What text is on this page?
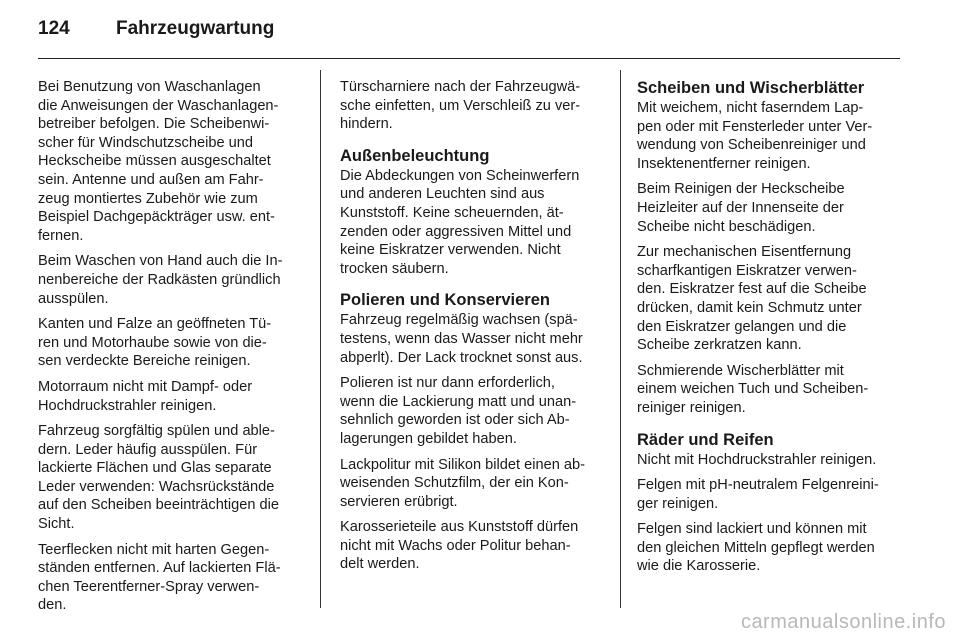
124	Fahrzeugwartung

Bei Benutzung von Waschanlagen
die Anweisungen der Waschanlagen-
betreiber befolgen. Die Scheibenwi-
scher für Windschutzscheibe und
Heckscheibe müssen ausgeschaltet
sein. Antenne und außen am Fahr-
zeug montiertes Zubehör wie zum
Beispiel Dachgepäckträger usw. ent-
fernen.

Beim Waschen von Hand auch die In-
nenbereiche der Radkästen gründlich
ausspülen.

Kanten und Falze an geöffneten Tü-
ren und Motorhaube sowie von die-
sen verdeckte Bereiche reinigen.

Motorraum nicht mit Dampf- oder
Hochdruckstrahler reinigen.

Fahrzeug sorgfältig spülen und able-
dern. Leder häufig ausspülen. Für
lackierte Flächen und Glas separate
Leder verwenden: Wachsrückstände
auf den Scheiben beeinträchtigen die
Sicht.

Teerflecken nicht mit harten Gegen-
ständen entfernen. Auf lackierten Flä-
chen Teerentferner-Spray verwen-
den.

Türscharniere nach der Fahrzeugwä-
sche einfetten, um Verschleiß zu ver-
hindern.

Außenbeleuchtung

Die Abdeckungen von Scheinwerfern
und anderen Leuchten sind aus
Kunststoff. Keine scheuernden, ät-
zenden oder aggressiven Mittel und
keine Eiskratzer verwenden. Nicht
trocken säubern.

Polieren und Konservieren

Fahrzeug regelmäßig wachsen (spä-
testens, wenn das Wasser nicht mehr
abperlt). Der Lack trocknet sonst aus.

Polieren ist nur dann erforderlich,
wenn die Lackierung matt und unan-
sehnlich geworden ist oder sich Ab-
lagerungen gebildet haben.

Lackpolitur mit Silikon bildet einen ab-
weisenden Schutzfilm, der ein Kon-
servieren erübrigt.

Karosserieteile aus Kunststoff dürfen
nicht mit Wachs oder Politur behan-
delt werden.

Scheiben und Wischerblätter

Mit weichem, nicht faserndem Lap-
pen oder mit Fensterleder unter Ver-
wendung von Scheibenreiniger und
Insektenentferner reinigen.

Beim Reinigen der Heckscheibe
Heizleiter auf der Innenseite der
Scheibe nicht beschädigen.

Zur mechanischen Eisentfernung
scharfkantigen Eiskratzer verwen-
den. Eiskratzer fest auf die Scheibe
drücken, damit kein Schmutz unter
den Eiskratzer gelangen und die
Scheibe zerkratzen kann.

Schmierende Wischerblätter mit
einem weichen Tuch und Scheiben-
reiniger reinigen.

Räder und Reifen

Nicht mit Hochdruckstrahler reinigen.

Felgen mit pH-neutralem Felgenreini-
ger reinigen.

Felgen sind lackiert und können mit
den gleichen Mitteln gepflegt werden
wie die Karosserie.

carmanualsonline.info
